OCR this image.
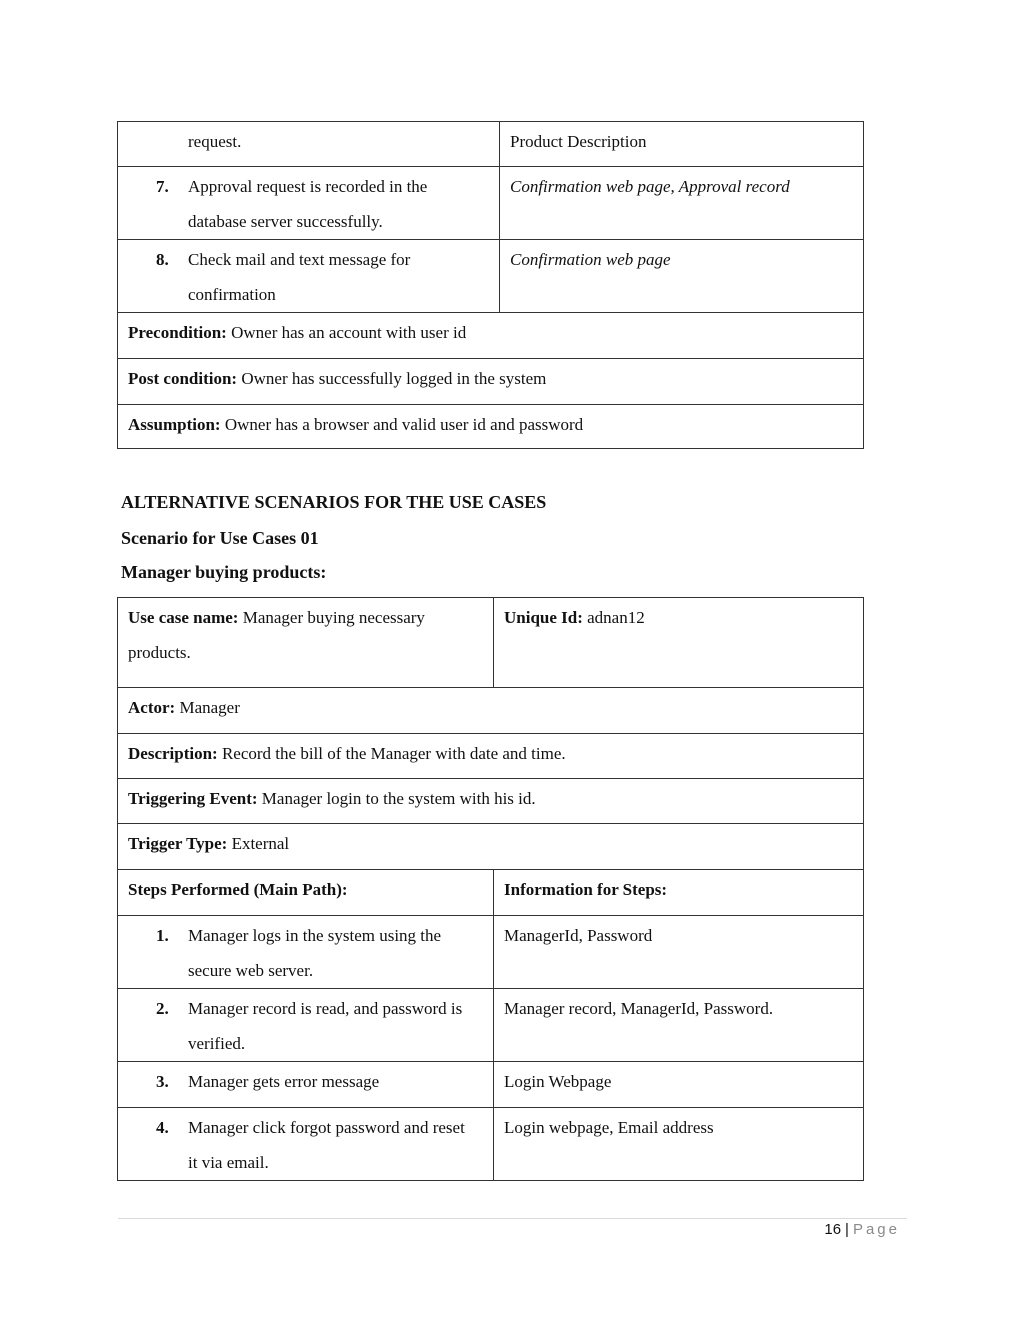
request.	Product Description

7. Approval request is recorded in the database server successfully.	Confirmation web page, Approval record

8. Check mail and text message for confirmation	Confirmation web page

Precondition: Owner has an account with user id	

Post condition: Owner has successfully logged in the system	

Assumption: Owner has a browser and valid user id and password	
ALTERNATIVE SCENARIOS FOR THE USE CASES
Scenario for Use Cases 01
Manager buying products:
Use case name: Manager buying necessary products.	Unique Id: adnan12

Actor: Manager	

Description: Record the bill of the Manager with date and time.	

Triggering Event: Manager login to the system with his id.	

Trigger Type: External	

Steps Performed (Main Path):	Information for Steps:

1. Manager logs in the system using the secure web server.	ManagerId, Password

2. Manager record is read, and password is verified.	Manager record, ManagerId, Password.

3. Manager gets error message	Login Webpage

4. Manager click forgot password and reset it via email.	Login webpage, Email address
16 | Page
